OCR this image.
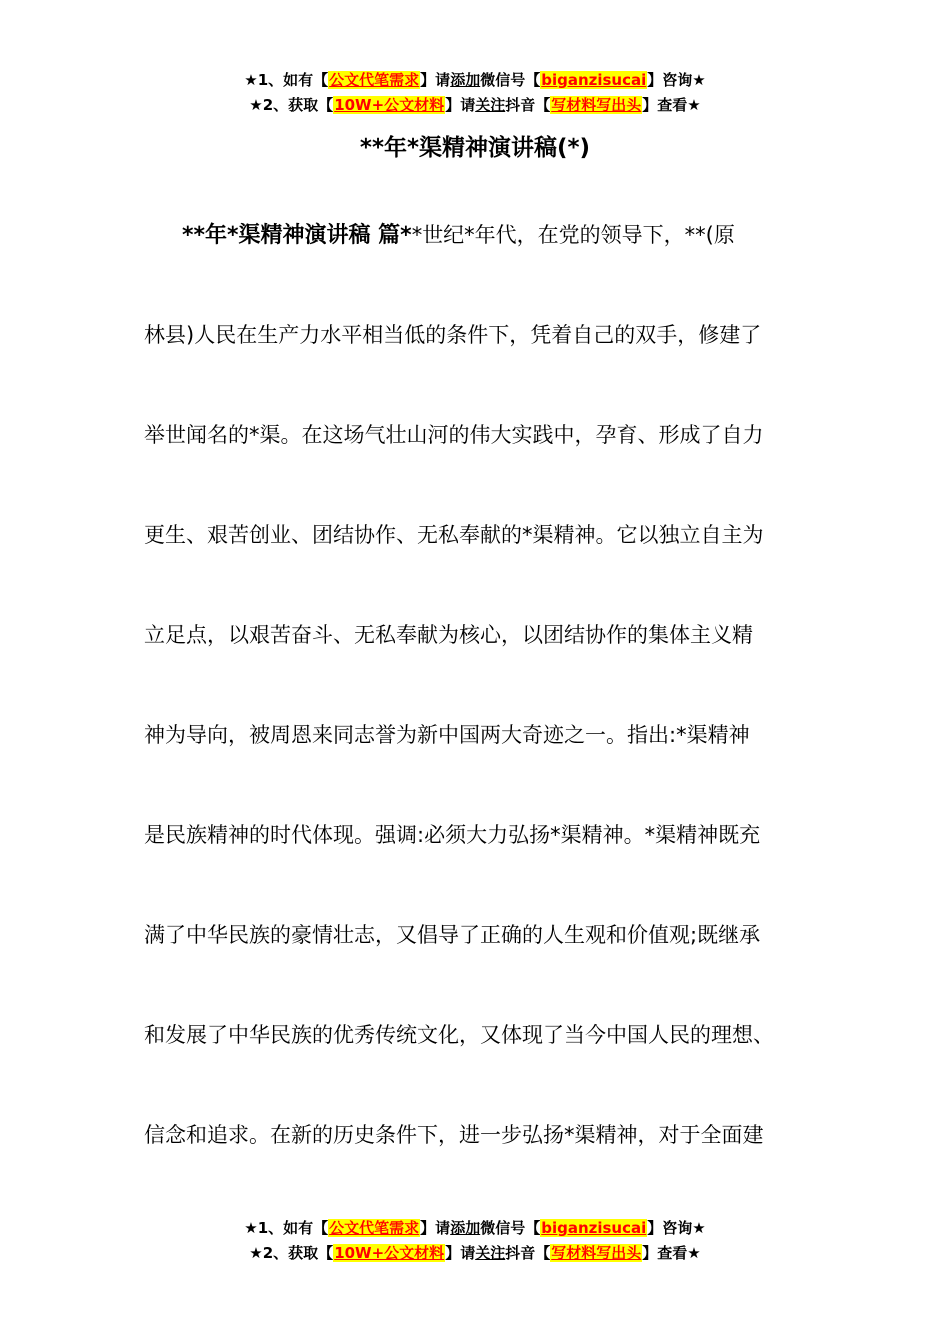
★1、如有【公文代笔需求】请添加微信号【biganzisucai】咨询★
★2、获取【10W+公文材料】请关注抖音【写材料写出头】查看★
**年*渠精神演讲稿(*)
**年*渠精神演讲稿 篇**世纪*年代，在党的领导下，**(原
林县)人民在生产力水平相当低的条件下，凭着自己的双手，修建了
举世闻名的*渠。在这场气壮山河的伟大实践中，孕育、形成了自力
更生、艰苦创业、团结协作、无私奉献的*渠精神。它以独立自主为
立足点，以艰苦奋斗、无私奉献为核心，以团结协作的集体主义精
神为导向，被周恩来同志誉为新中国两大奇迹之一。指出:*渠精神
是民族精神的时代体现。强调:必须大力弘扬*渠精神。*渠精神既充
满了中华民族的豪情壮志，又倡导了正确的人生观和价值观;既继承
和发展了中华民族的优秀传统文化，又体现了当今中国人民的理想、
信念和追求。在新的历史条件下，进一步弘扬*渠精神，对于全面建
★1、如有【公文代笔需求】请添加微信号【biganzisucai】咨询★
★2、获取【10W+公文材料】请关注抖音【写材料写出头】查看★
